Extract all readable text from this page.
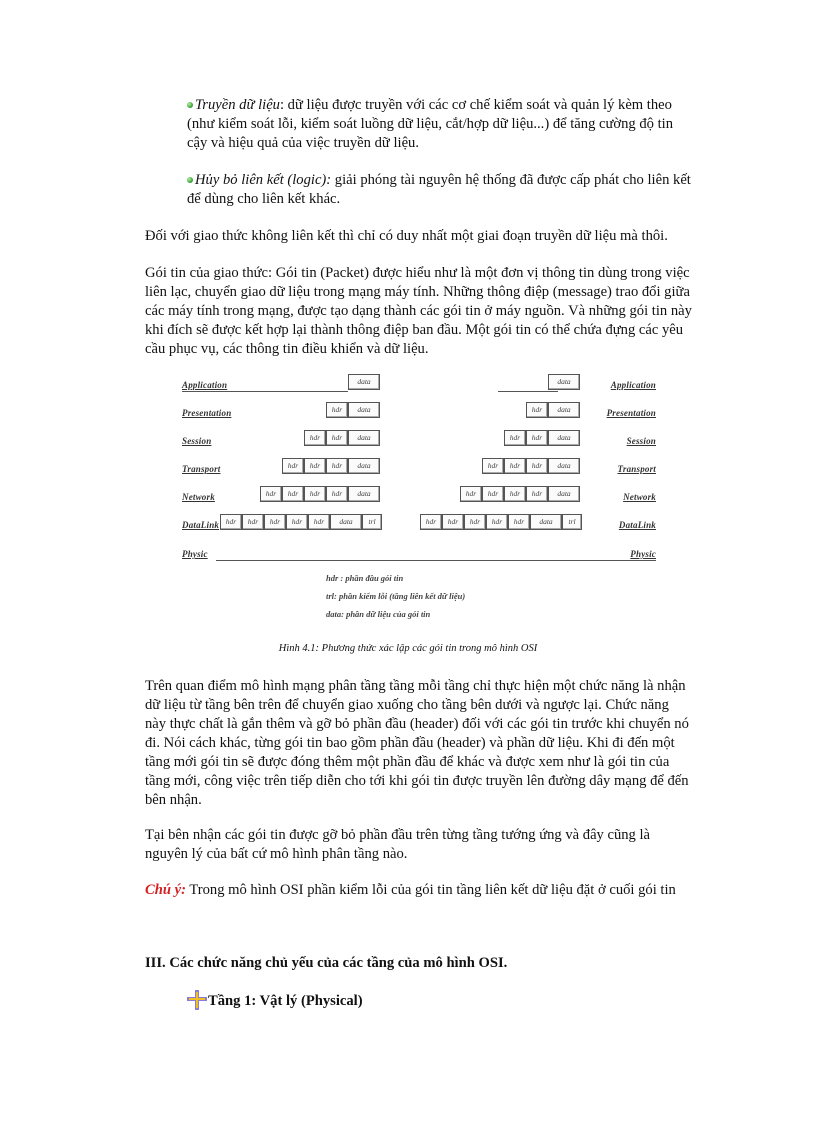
Truyền dữ liệu: dữ liệu được truyền với các cơ chế kiểm soát và quản lý kèm theo (như kiểm soát lỗi, kiểm soát luồng dữ liệu, cắt/hợp dữ liệu...) để tăng cường độ tin cậy và hiệu quả của việc truyền dữ liệu.

Hủy bỏ liên kết (logic): giải phóng tài nguyên hệ thống đã được cấp phát cho liên kết để dùng cho liên kết khác.

Đối với giao thức không liên kết thì chỉ có duy nhất một giai đoạn truyền dữ liệu mà thôi.

Gói tin của giao thức: Gói tin (Packet) được hiểu như là một đơn vị thông tin dùng trong việc liên lạc, chuyển giao dữ liệu trong mạng máy tính. Những thông điệp (message) trao đổi giữa các máy tính trong mạng, được tạo dạng thành các gói tin ở máy nguồn. Và những gói tin này khi đích sẽ được kết hợp lại thành thông điệp ban đầu. Một gói tin có thể chứa đựng các yêu cầu phục vụ, các thông tin điều khiển và dữ liệu.

Application
Presentation
Session
Transport
Network
DataLink
Physic
Application
Presentation
Session
Transport
Network
DataLink
Physic
data
data
hdr
data
hdr
hdr
data
hdr
hdr
hdr
data
hdr
hdr
hdr
hdr
data
hdr
hdr
hdr
hdr
hdr	trl
data
data
hdr
data
hdr
hdr
data
hdr
hdr
hdr
data
hdr
hdr
hdr
hdr
data
hdr
hdr
hdr
hdr
hdr	trl
hdr : phần đầu gói tin
trl: phần kiểm lỗi (tầng liên kết dữ liệu)
data: phần dữ liệu của gói tin

Hình 4.1: Phương thức xác lập các gói tin trong mô hình OSI

Trên quan điểm mô hình mạng phân tầng tầng mỗi tầng chỉ thực hiện một chức năng là nhận dữ liệu từ tầng bên trên để chuyển giao xuống cho tầng bên dưới và ngược lại. Chức năng này thực chất là gắn thêm và gỡ bỏ phần đầu (header) đối với các gói tin trước khi chuyển nó đi. Nói cách khác, từng gói tin bao gồm phần đầu (header) và phần dữ liệu. Khi đi đến một tầng mới gói tin sẽ được đóng thêm một phần đầu để khác và được xem như là gói tin của tầng mới, công việc trên tiếp diễn cho tới khi gói tin được truyền lên đường dây mạng để đến bên nhận.

Tại bên nhận các gói tin được gỡ bỏ phần đầu trên từng tầng tướng ứng và đây cũng là nguyên lý của bất cứ mô hình phân tầng nào.

Chú ý: Trong mô hình OSI phần kiểm lỗi của gói tin tầng liên kết dữ liệu đặt ở cuối gói tin

III. Các chức năng chủ yếu của các tầng của mô hình OSI.

Tầng 1: Vật lý (Physical)
